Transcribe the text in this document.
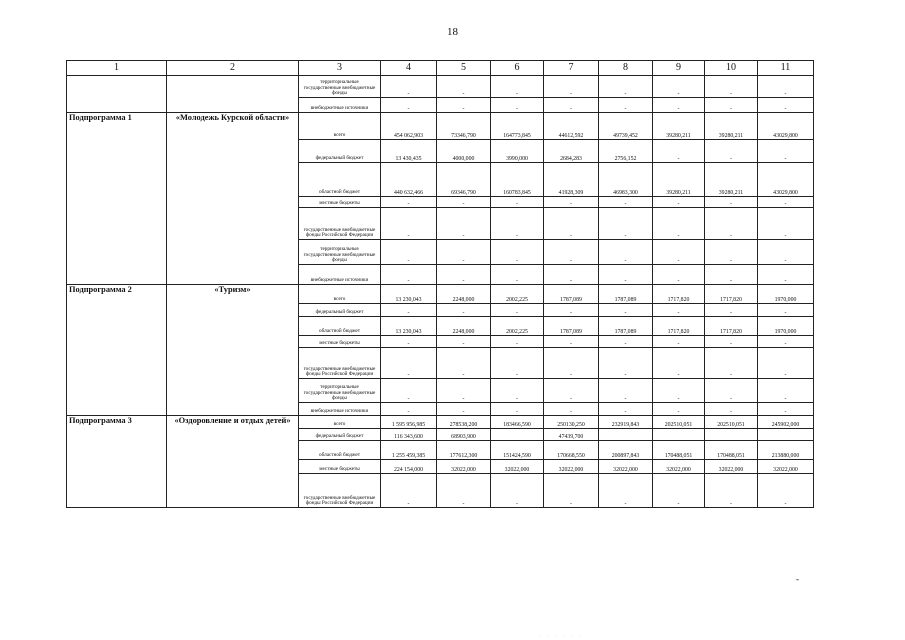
18
1	2	3	4	5	6	7	8	9	10	11
		территориальные государственные внебюджетные фонды	-	-	-	-	-	-	-	-
		внебюджетные источники	-	-	-	-	-	-	-	-
Подпрограмма 1	«Молодежь Курской области»	всего	454 062,903	73346,790	164773,845	44612,592	49739,452	39280,211	39280,211	43029,800
		федеральный бюджет	13 430,435	4000,000	3990,000	2684,283	2756,152	-	-	-
		областной бюджет	440 632,466	69346,790	160783,845	41928,309	46983,300	39280,211	39280,211	43029,800
		местные бюджеты	-	-	-	-	-	-	-	-
		государственные внебюджетные фонды Российской Федерации	-	-	-	-	-	-	-	-
		территориальные государственные внебюджетные фонды	-	-	-	-	-	-	-	-
		внебюджетные источники	-	-	-	-	-	-	-	-
Подпрограмма 2	«Туризм»	всего	13 230,043	2248,000	2002,225	1787,089	1787,089	1717,820	1717,820	1970,000
		федеральный бюджет	-	-	-	-	-	-	-	-
		областной бюджет	13 230,043	2248,000	2002,225	1787,089	1787,089	1717,820	1717,820	1970,000
		местные бюджеты	-	-	-	-	-	-	-	-
		государственные внебюджетные фонды Российской Федерации	-	-	-	-	-	-	-	-
		территориальные государственные внебюджетные фонды	-	-	-	-	-	-	-	-
		внебюджетные источники	-	-	-	-	-	-	-	-
Подпрограмма 3	«Оздоровление и отдых детей»	всего	1 595 956,985	278538,200	183466,590	250130,250	232919,843	202510,051	202510,051	245902,000
		федеральный бюджет	116 343,600	68903,900		47439,700				
		областной бюджет	1 255 459,385	177612,300	151424,590	170668,550	200897,843	170488,051	170488,051	213880,000
		местные бюджеты	224 154,000	32022,000	32022,000	32022,000	32022,000	32022,000	32022,000	32022,000
		государственные внебюджетные фонды Российской Федерации	-	-	-	-	-	-	-	-
-
. . . . . .
